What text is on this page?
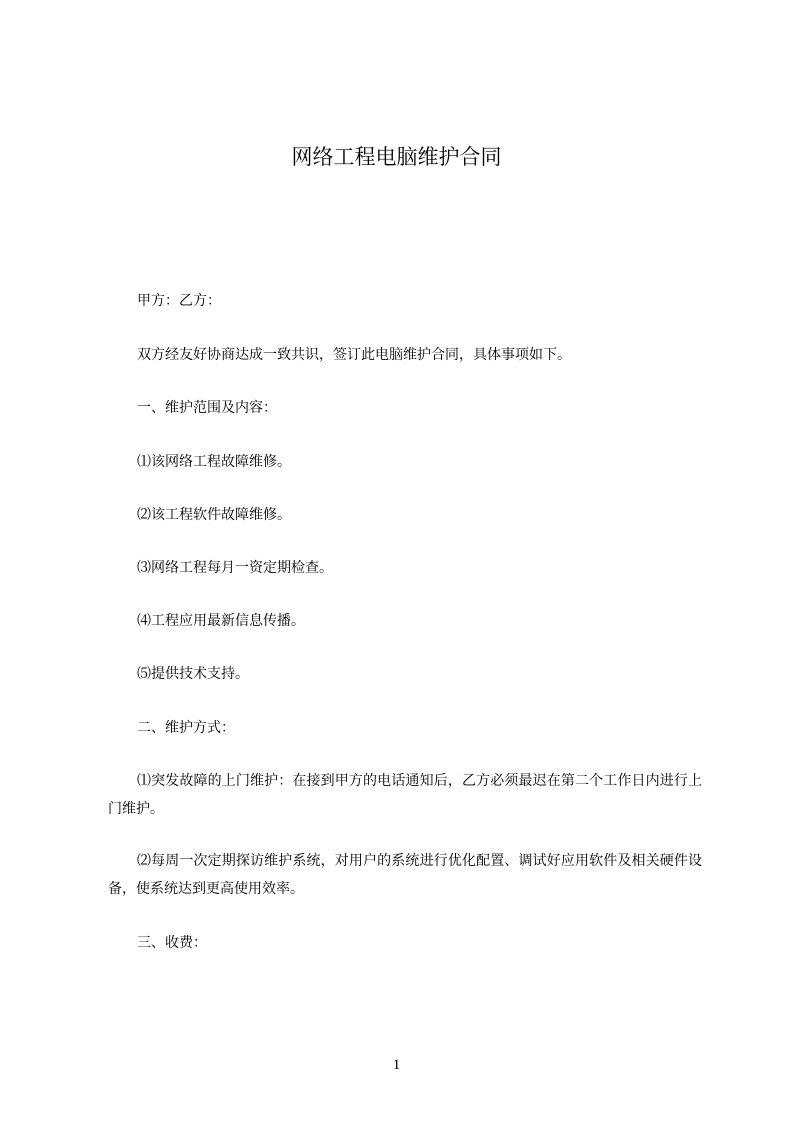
网络工程电脑维护合同
甲方：乙方：
双方经友好协商达成一致共识，签订此电脑维护合同，具体事项如下。
一、维护范围及内容：
⑴该网络工程故障维修。
⑵该工程软件故障维修。
⑶网络工程每月一资定期检查。
⑷工程应用最新信息传播。
⑸提供技术支持。
二、维护方式：
⑴突发故障的上门维护：在接到甲方的电话通知后，乙方必须最迟在第二个工作日内进行上门维护。
⑵每周一次定期探访维护系统，对用户的系统进行优化配置、调试好应用软件及相关硬件设备，使系统达到更高使用效率。
三、收费：
1
